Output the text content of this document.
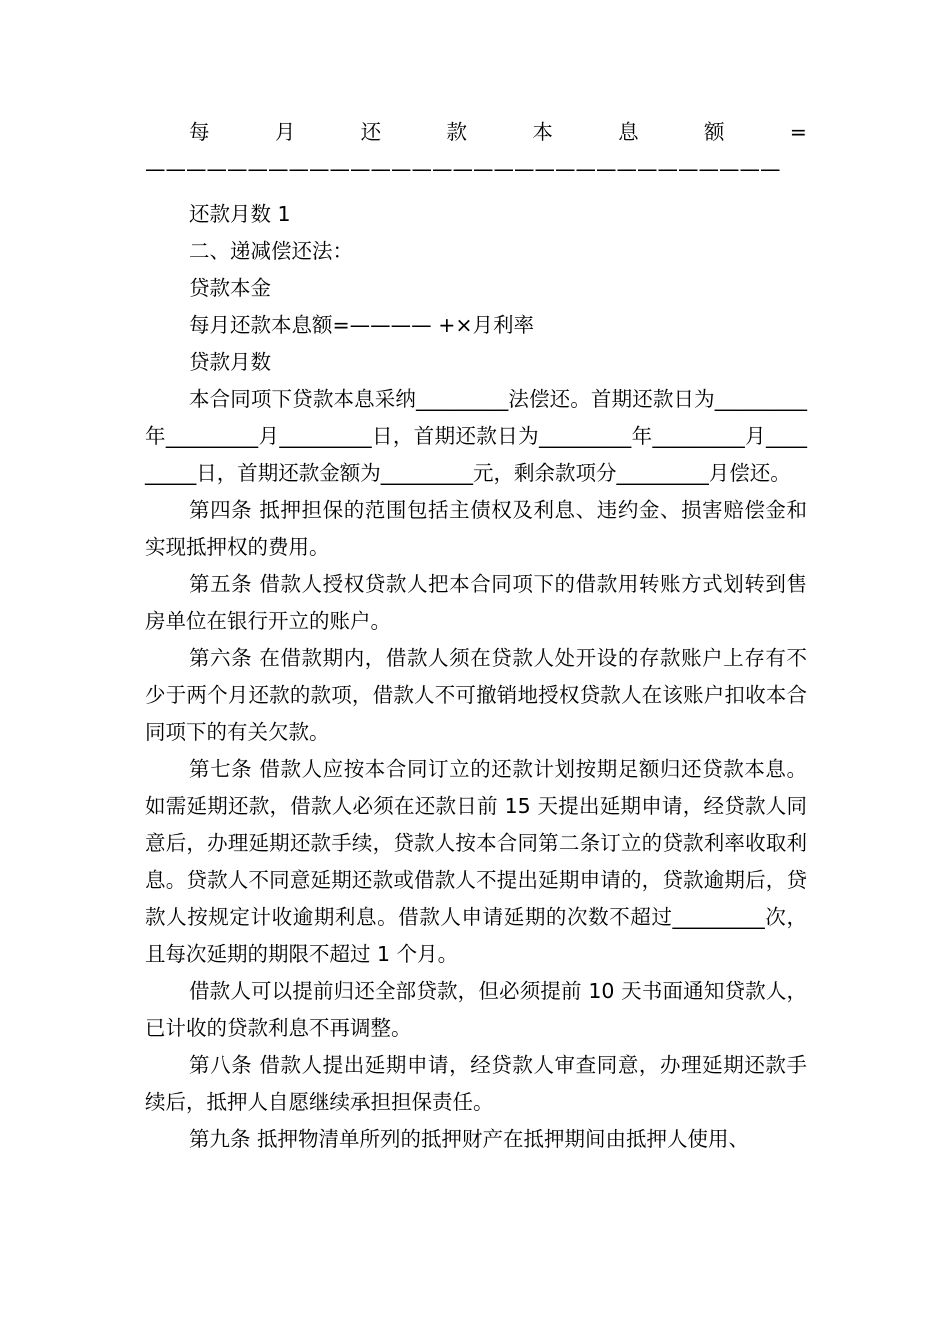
每月还款本息额=———————————————————————————————

还款月数 1

二、递减偿还法：

贷款本金

每月还款本息额=———— +×月利率

贷款月数

本合同项下贷款本息采纳_________法偿还。首期还款日为_________年_________月_________日，首期还款日为_________年_________月_________日，首期还款金额为_________元，剩余款项分_________月偿还。

第四条 抵押担保的范围包括主债权及利息、违约金、损害赔偿金和实现抵押权的费用。

第五条 借款人授权贷款人把本合同项下的借款用转账方式划转到售房单位在银行开立的账户。

第六条 在借款期内，借款人须在贷款人处开设的存款账户上存有不少于两个月还款的款项，借款人不可撤销地授权贷款人在该账户扣收本合同项下的有关欠款。

第七条 借款人应按本合同订立的还款计划按期足额归还贷款本息。如需延期还款，借款人必须在还款日前 15 天提出延期申请，经贷款人同意后，办理延期还款手续，贷款人按本合同第二条订立的贷款利率收取利息。贷款人不同意延期还款或借款人不提出延期申请的，贷款逾期后，贷款人按规定计收逾期利息。借款人申请延期的次数不超过_________次，且每次延期的期限不超过 1 个月。

借款人可以提前归还全部贷款，但必须提前 10 天书面通知贷款人，已计收的贷款利息不再调整。

第八条 借款人提出延期申请，经贷款人审查同意，办理延期还款手续后，抵押人自愿继续承担担保责任。

第九条 抵押物清单所列的抵押财产在抵押期间由抵押人使用、
